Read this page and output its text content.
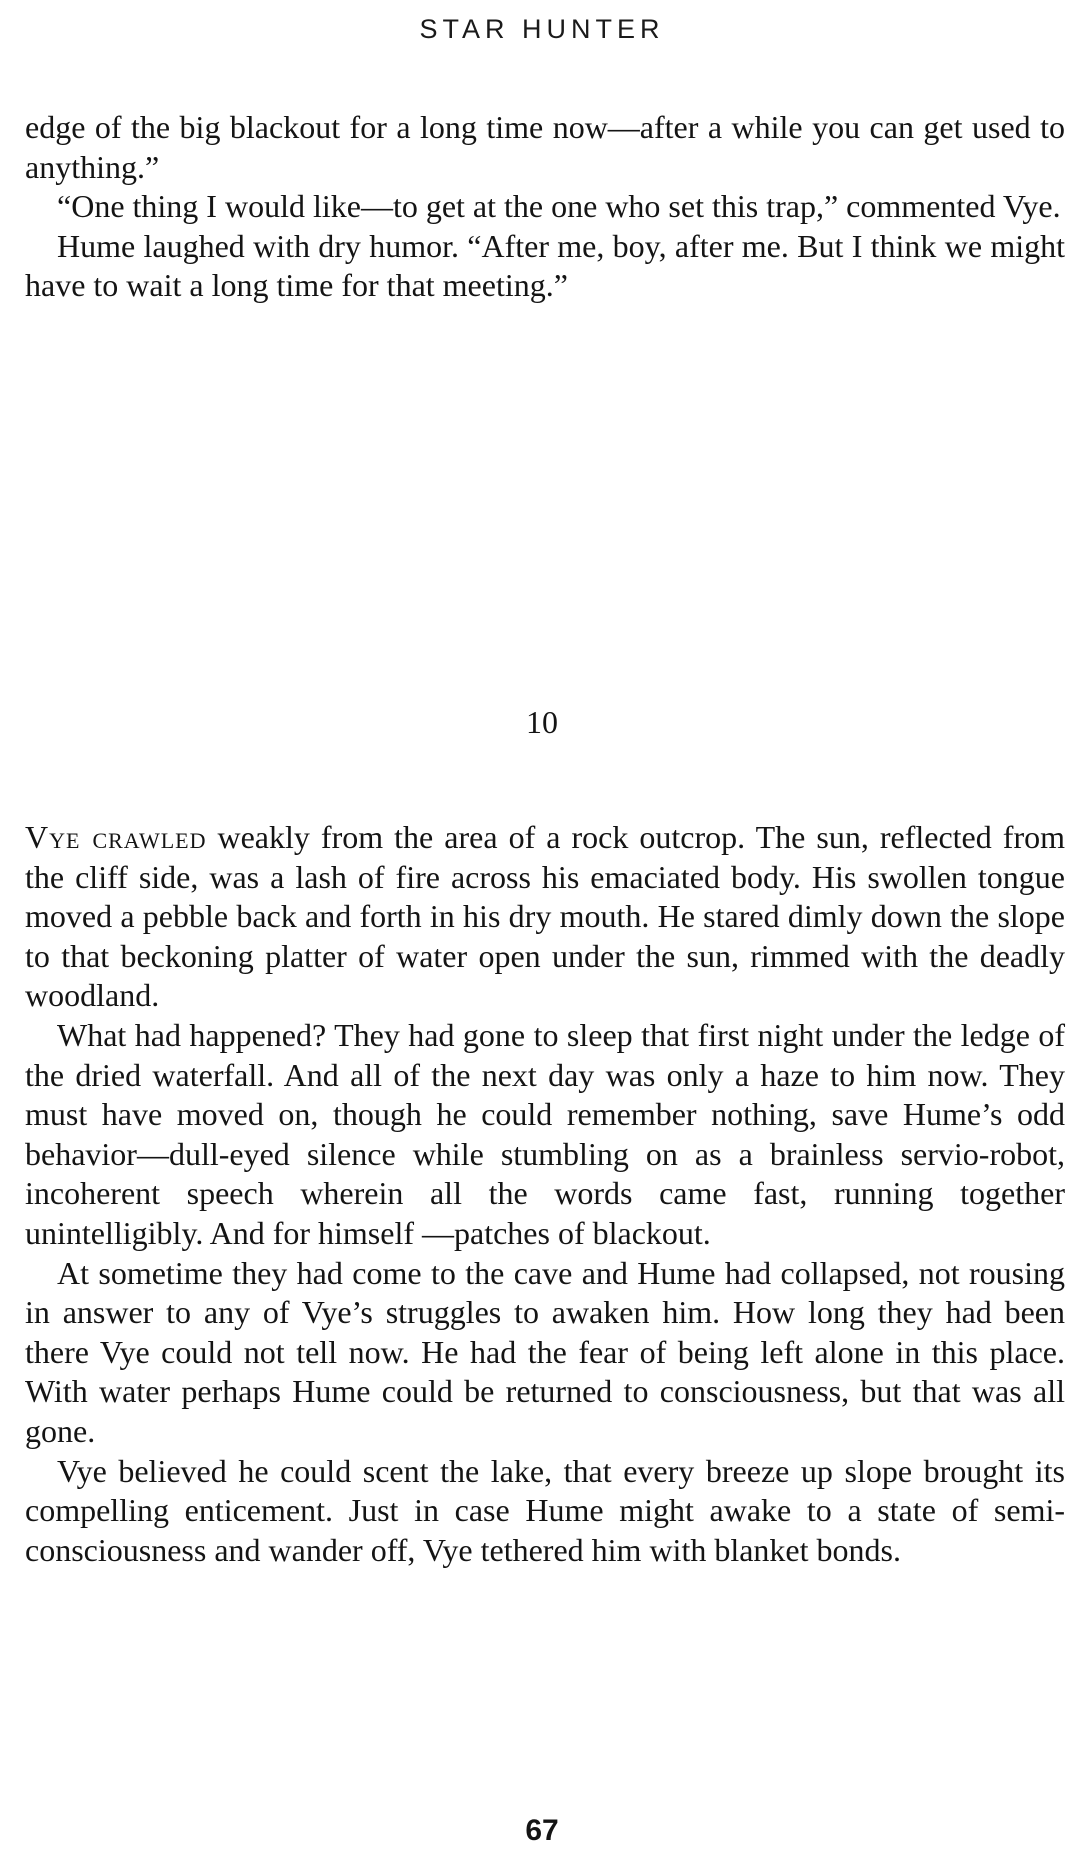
STAR HUNTER

edge of the big blackout for a long time now—after a while you can get used to anything.”

“One thing I would like—to get at the one who set this trap,” commented Vye.

Hume laughed with dry humor. “After me, boy, after me. But I think we might have to wait a long time for that meeting.”

10

Vye crawled weakly from the area of a rock outcrop. The sun, reflected from the cliff side, was a lash of fire across his emaciated body. His swollen tongue moved a pebble back and forth in his dry mouth. He stared dimly down the slope to that beckoning platter of water open under the sun, rimmed with the deadly woodland.

What had happened? They had gone to sleep that first night under the ledge of the dried waterfall. And all of the next day was only a haze to him now. They must have moved on, though he could remember nothing, save Hume’s odd behavior—dull-eyed silence while stumbling on as a brainless servio-robot, incoherent speech wherein all the words came fast, running together unintelligibly. And for himself —patches of blackout.

At sometime they had come to the cave and Hume had collapsed, not rousing in answer to any of Vye’s struggles to awaken him. How long they had been there Vye could not tell now. He had the fear of being left alone in this place. With water perhaps Hume could be returned to consciousness, but that was all gone.

Vye believed he could scent the lake, that every breeze up slope brought its compelling enticement. Just in case Hume might awake to a state of semi-consciousness and wander off, Vye tethered him with blanket bonds.

67
